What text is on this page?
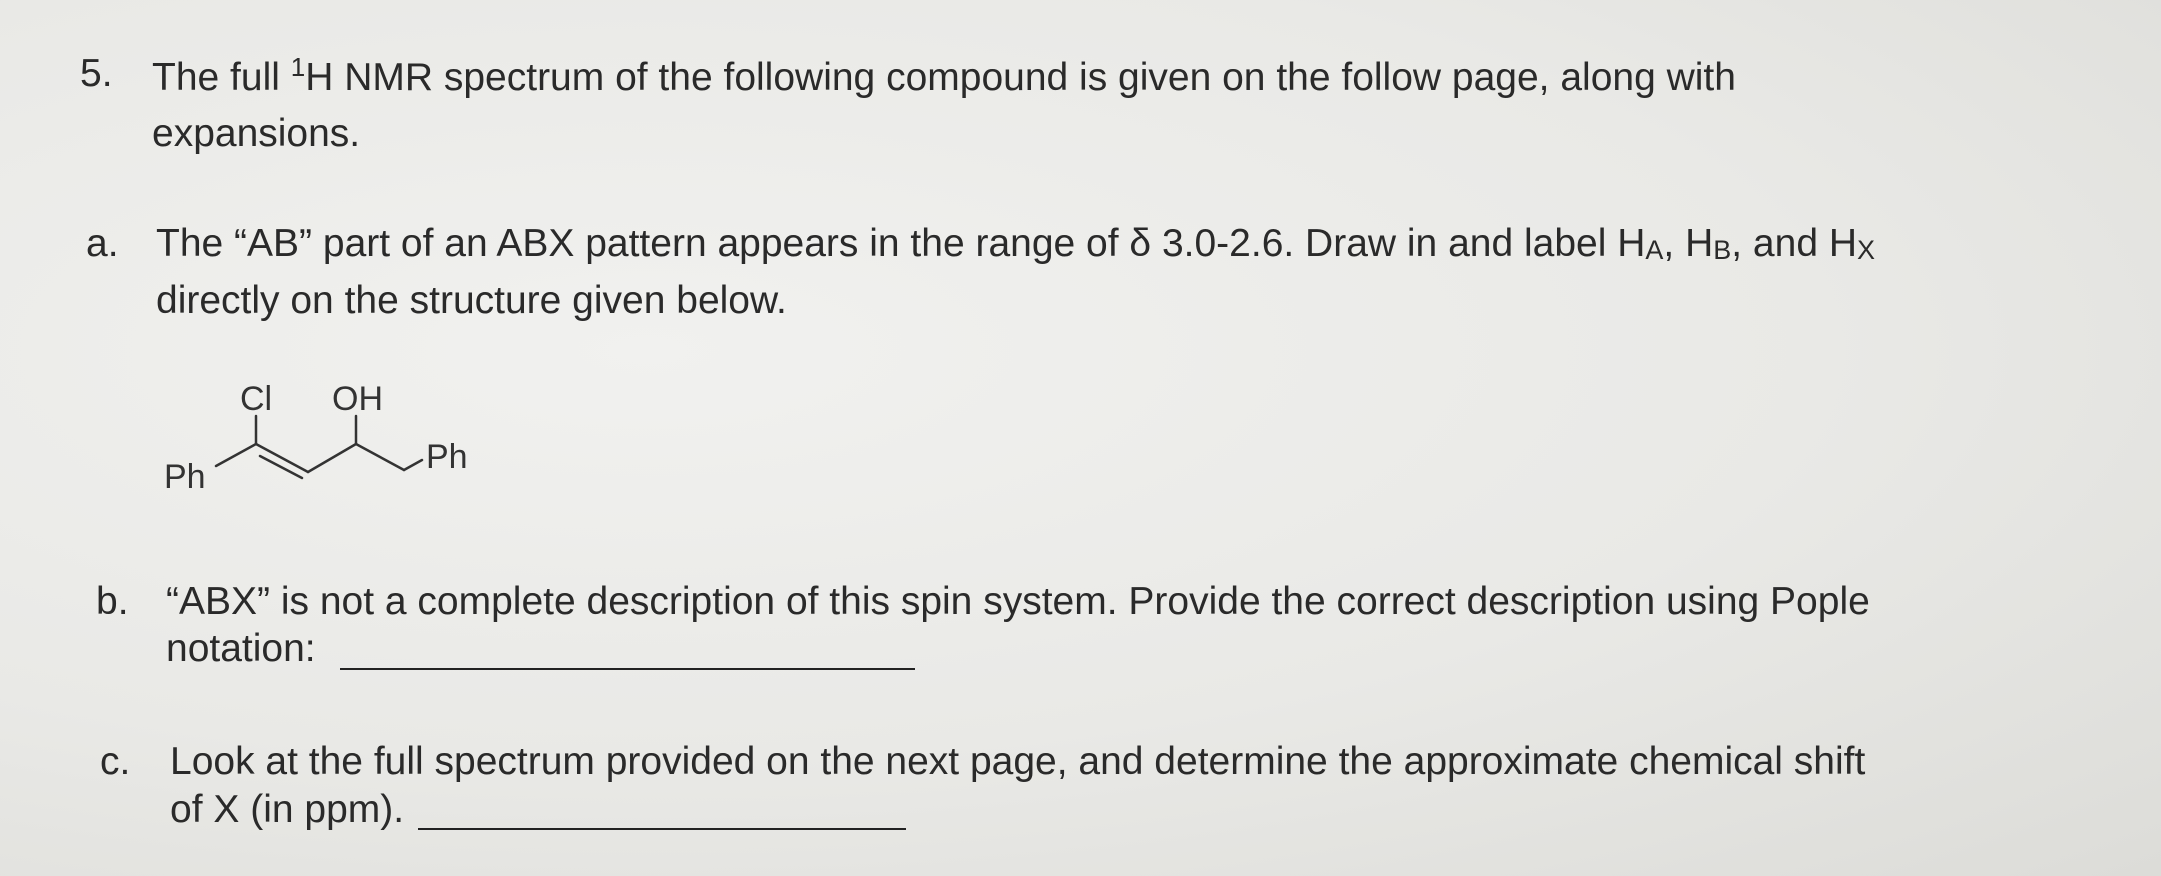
5. The full $^1$H NMR spectrum of the following compound is given on the follow page, along with
expansions.
a. The “AB” part of an ABX pattern appears in the range of δ 3.0-2.6. Draw in and label HA, HB, and HX
directly on the structure given below.
Cl OH
Ph
Ph
b. “ABX” is not a complete description of this spin system. Provide the correct description using Pople
notation:
c. Look at the full spectrum provided on the next page, and determine the approximate chemical shift
of X (in ppm).
